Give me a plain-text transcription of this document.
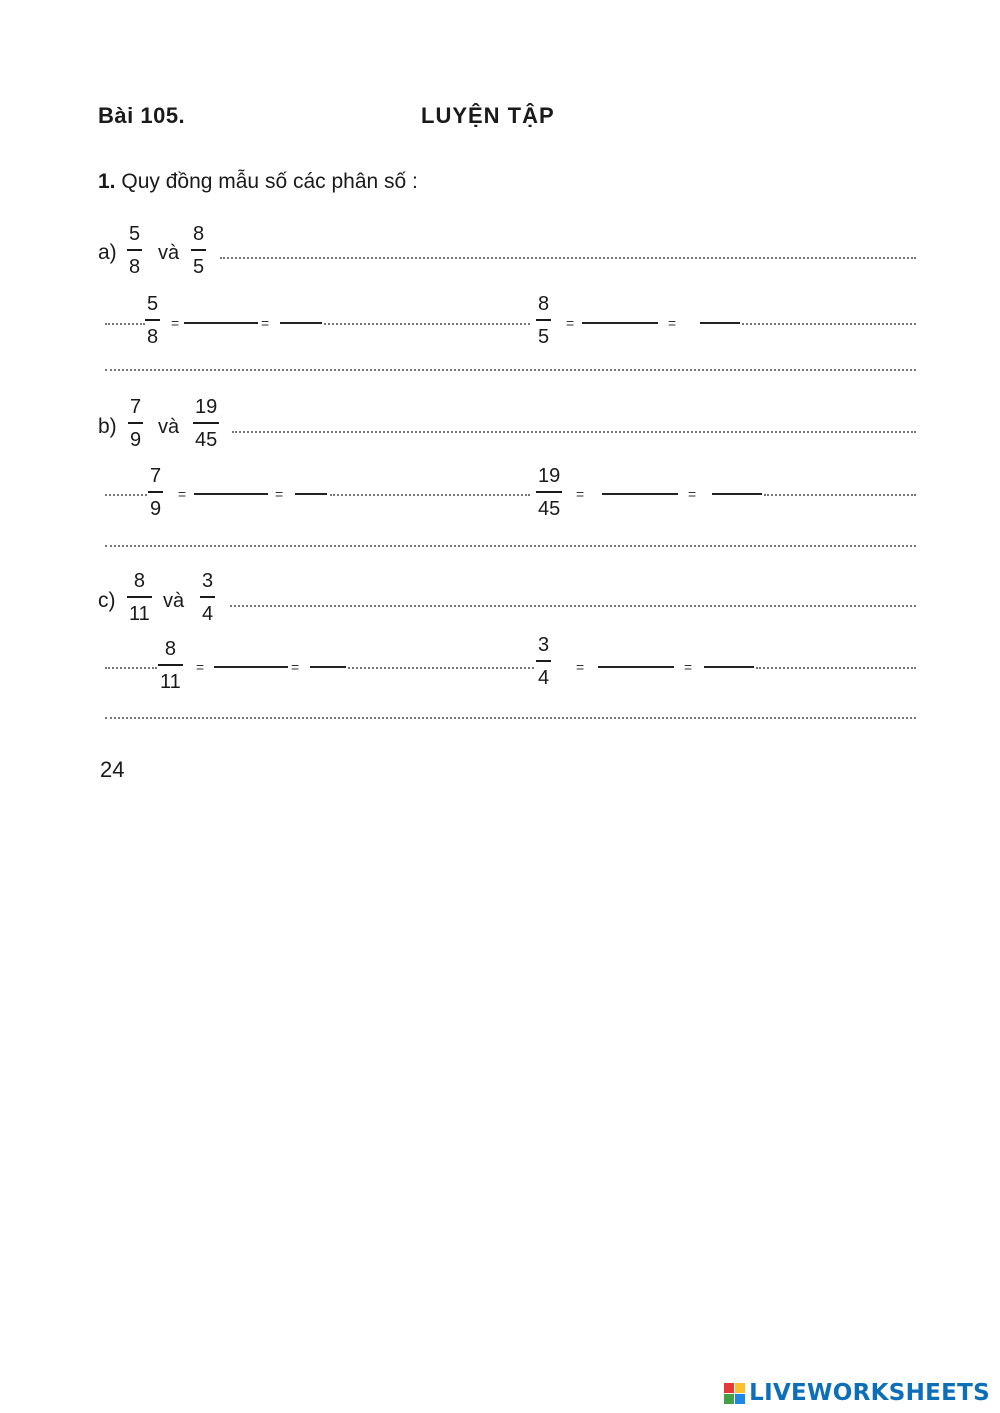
Bài 105.	LUYỆN TẬP
1. Quy đồng mẫu số các phân số :
a)
5
8
và
8
5
5
8
=	=
8
5
=	=
b)
7
9
và
19
45
7
9
=	=
19
45
=	=
c)
8
11
và
3
4
8
11
=	=
3
4 =	=
24
LIVEWORKSHEETS
